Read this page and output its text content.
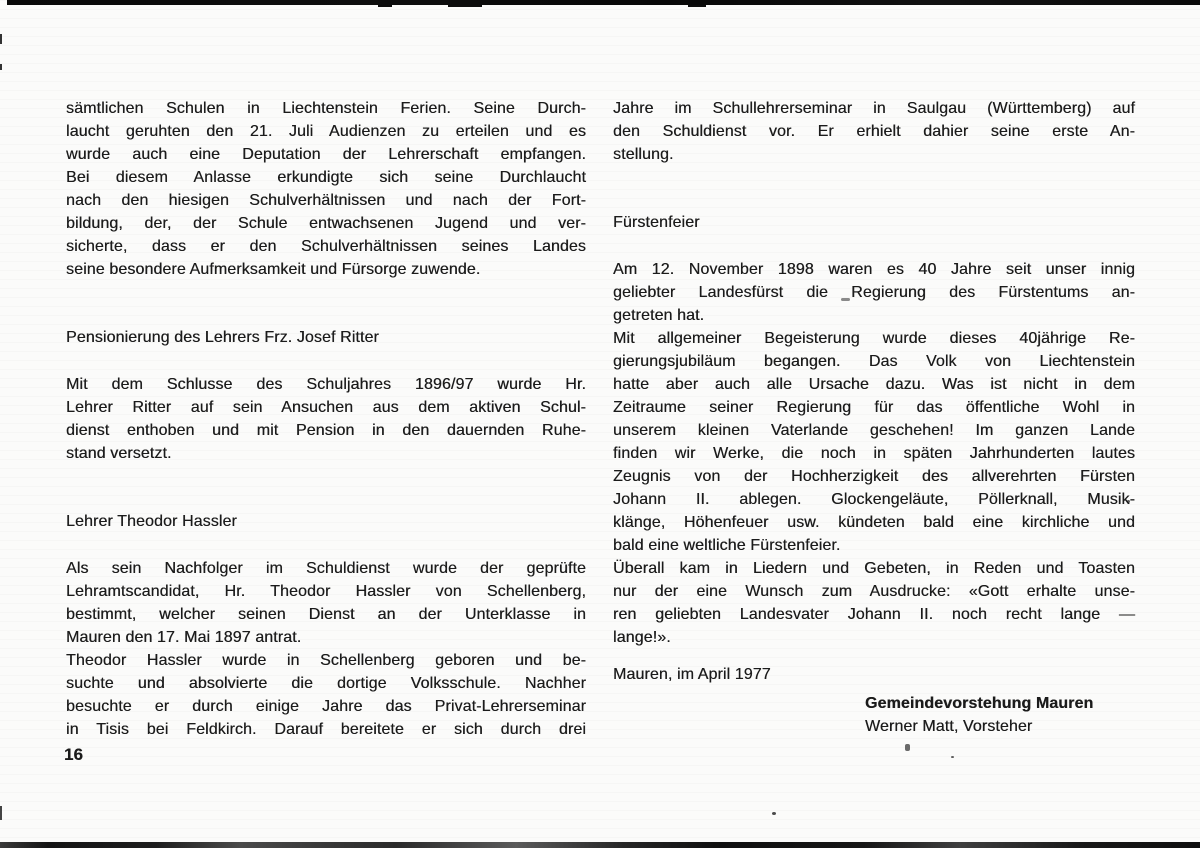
sämtlichen Schulen in Liechtenstein Ferien. Seine Durch-
laucht geruhten den 21. Juli Audienzen zu erteilen und es
wurde auch eine Deputation der Lehrerschaft empfangen.
Bei diesem Anlasse erkundigte sich seine Durchlaucht
nach den hiesigen Schulverhältnissen und nach der Fort-
bildung, der, der Schule entwachsenen Jugend und ver-
sicherte, dass er den Schulverhältnissen seines Landes
seine besondere Aufmerksamkeit und Fürsorge zuwende.
Pensionierung des Lehrers Frz. Josef Ritter
Mit dem Schlusse des Schuljahres 1896/97 wurde Hr.
Lehrer Ritter auf sein Ansuchen aus dem aktiven Schul-
dienst enthoben und mit Pension in den dauernden Ruhe-
stand versetzt.
Lehrer Theodor Hassler
Als sein Nachfolger im Schuldienst wurde der geprüfte
Lehramtscandidat, Hr. Theodor Hassler von Schellenberg,
bestimmt, welcher seinen Dienst an der Unterklasse in
Mauren den 17. Mai 1897 antrat.
Theodor Hassler wurde in Schellenberg geboren und be-
suchte und absolvierte die dortige Volksschule. Nachher
besuchte er durch einige Jahre das Privat-Lehrerseminar
in Tisis bei Feldkirch. Darauf bereitete er sich durch drei
Jahre im Schullehrerseminar in Saulgau (Württemberg) auf
den Schuldienst vor. Er erhielt dahier seine erste An-
stellung.
Fürstenfeier
Am 12. November 1898 waren es 40 Jahre seit unser innig
geliebter Landesfürst die Regierung des Fürstentums an-
getreten hat.
Mit allgemeiner Begeisterung wurde dieses 40jährige Re-
gierungsjubiläum begangen. Das Volk von Liechtenstein
hatte aber auch alle Ursache dazu. Was ist nicht in dem
Zeitraume seiner Regierung für das öffentliche Wohl in
unserem kleinen Vaterlande geschehen! Im ganzen Lande
finden wir Werke, die noch in späten Jahrhunderten lautes
Zeugnis von der Hochherzigkeit des allverehrten Fürsten
Johann II. ablegen. Glockengeläute, Pöllerknall, Musik-
klänge, Höhenfeuer usw. kündeten bald eine kirchliche und
bald eine weltliche Fürstenfeier.
Überall kam in Liedern und Gebeten, in Reden und Toasten
nur der eine Wunsch zum Ausdrucke: «Gott erhalte unse-
ren geliebten Landesvater Johann II. noch recht lange —
lange!».
Mauren, im April 1977
Gemeindevorstehung Mauren
Werner Matt, Vorsteher
16
